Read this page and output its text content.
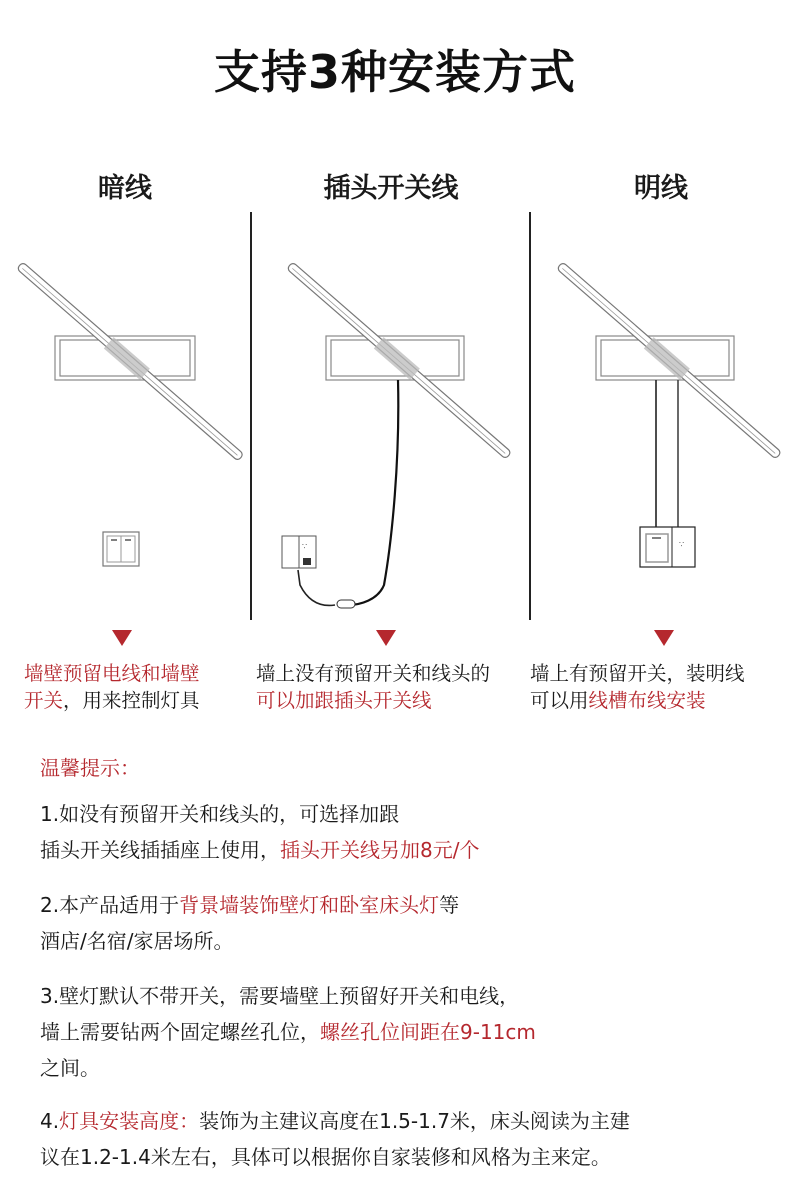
支持3种安装方式
暗线	插头开关线	明线
∵	∵
墙壁预留电线和墙壁
开关，用来控制灯具
墙上没有预留开关和线头的
可以加跟插头开关线
墙上有预留开关，装明线
可以用线槽布线安装
温馨提示：
1.如没有预留开关和线头的，可选择加跟
插头开关线插插座上使用，插头开关线另加8元/个
2.本产品适用于背景墙装饰壁灯和卧室床头灯等
酒店/名宿/家居场所。
3.壁灯默认不带开关，需要墙壁上预留好开关和电线，
墙上需要钻两个固定螺丝孔位，螺丝孔位间距在9-11cm
之间。
4.灯具安装高度：装饰为主建议高度在1.5-1.7米，床头阅读为主建
议在1.2-1.4米左右，具体可以根据你自家装修和风格为主来定。
